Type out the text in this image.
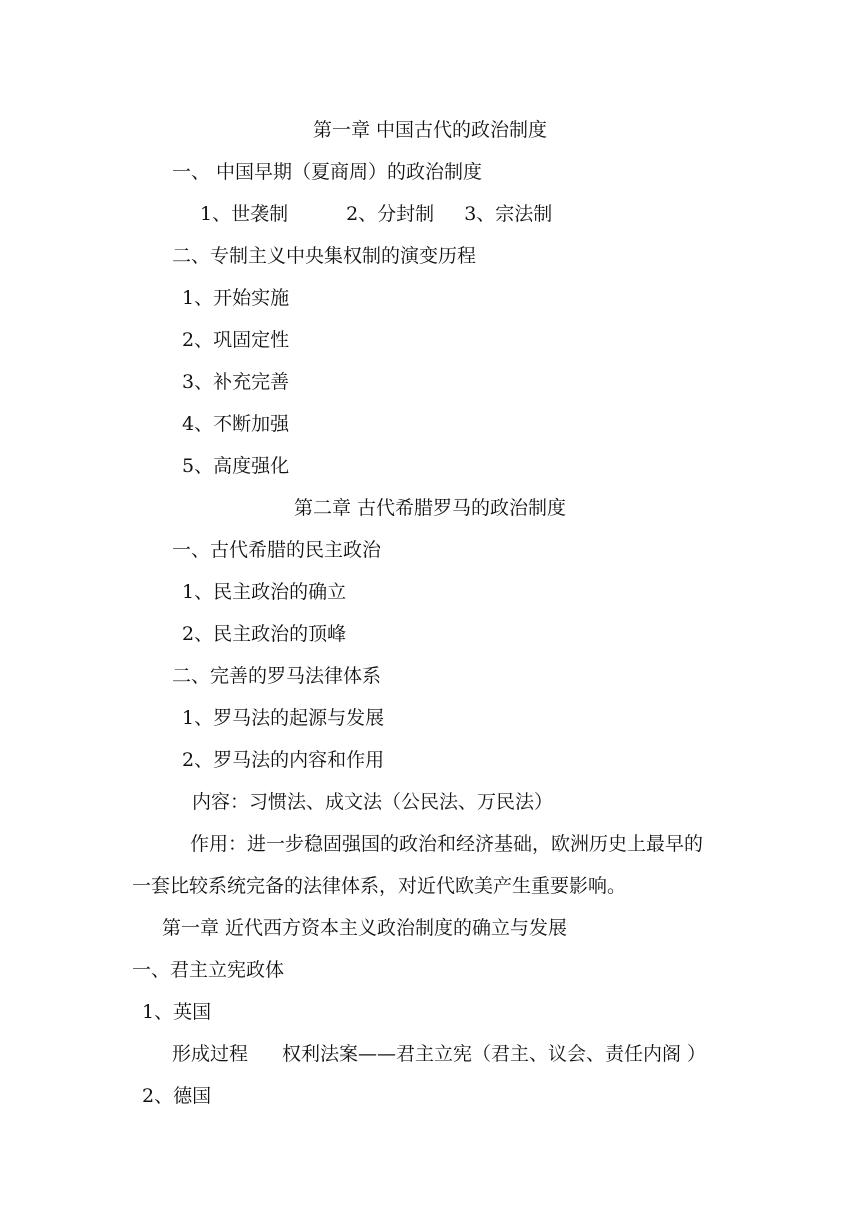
第一章 中国古代的政治制度

一、 中国早期（夏商周）的政治制度

1、世袭制	2、分封制 3、宗法制

二、专制主义中央集权制的演变历程

1、开始实施

2、巩固定性

3、补充完善

4、不断加强

5、高度强化

第二章 古代希腊罗马的政治制度

一、古代希腊的民主政治

1、民主政治的确立

2、民主政治的顶峰

二、完善的罗马法律体系

1、罗马法的起源与发展

2、罗马法的内容和作用

内容：习惯法、成文法（公民法、万民法）

作用：进一步稳固强国的政治和经济基础，欧洲历史上最早的

一套比较系统完备的法律体系，对近代欧美产生重要影响。

第一章 近代西方资本主义政治制度的确立与发展

一、君主立宪政体

1、英国

形成过程 权利法案——君主立宪（君主、议会、责任内阁 ）

2、德国
